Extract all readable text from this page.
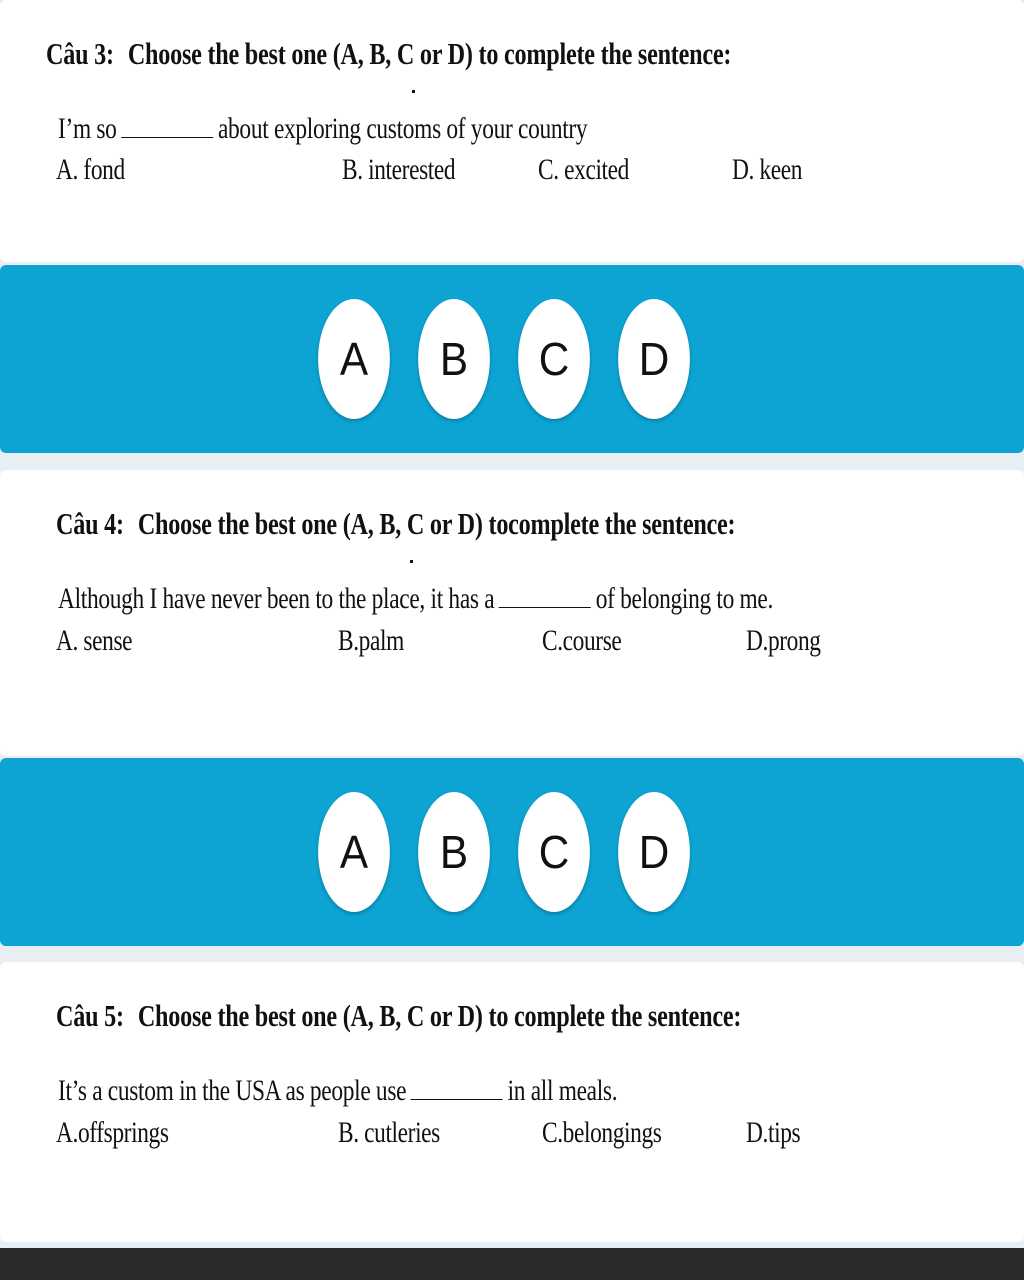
Câu 3: Choose the best one (A, B, C or D) to complete the sentence:
I’m so	about exploring customs of your country
A. fond	B. interested	C. excited	D. keen
A	B	C	D
Câu 4: Choose the best one (A, B, C or D) tocomplete the sentence:
Although I have never been to the place, it has a	of belonging to me.
A. sense	B.palm	C.course	D.prong
A	B	C	D
Câu 5: Choose the best one (A, B, C or D) to complete the sentence:
It’s a custom in the USA as people use	in all meals.
A.offsprings	B. cutleries	C.belongings	D.tips
